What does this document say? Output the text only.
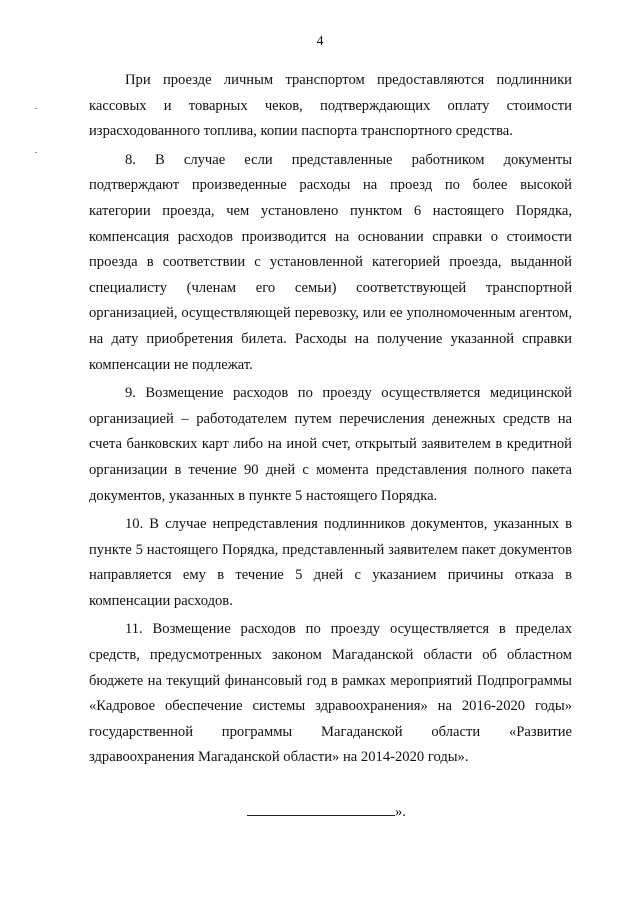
4

При проезде личным транспортом предоставляются подлинники кассовых и товарных чеков, подтверждающих оплату стоимости израсходованного топлива, копии паспорта транспортного средства.

8. В случае если представленные работником документы подтверждают произведенные расходы на проезд по более высокой категории проезда, чем установлено пунктом 6 настоящего Порядка, компенсация расходов производится на основании справки о стоимости проезда в соответствии с установленной категорией проезда, выданной специалисту (членам его семьи) соответствующей транспортной организацией, осуществляющей перевозку, или ее уполномоченным агентом, на дату приобретения билета. Расходы на получение указанной справки компенсации не подлежат.

9. Возмещение расходов по проезду осуществляется медицинской организацией – работодателем путем перечисления денежных средств на счета банковских карт либо на иной счет, открытый заявителем в кредитной организации в течение 90 дней с момента представления полного пакета документов, указанных в пункте 5 настоящего Порядка.

10. В случае непредставления подлинников документов, указанных в пункте 5 настоящего Порядка, представленный заявителем пакет документов направляется ему в течение 5 дней с указанием причины отказа в компенсации расходов.

11. Возмещение расходов по проезду осуществляется в пределах средств, предусмотренных законом Магаданской области об областном бюджете на текущий финансовый год в рамках мероприятий Подпрограммы «Кадровое обеспечение системы здравоохранения» на 2016-2020 годы» государственной программы Магаданской области «Развитие здравоохранения Магаданской области» на 2014-2020 годы».

».
